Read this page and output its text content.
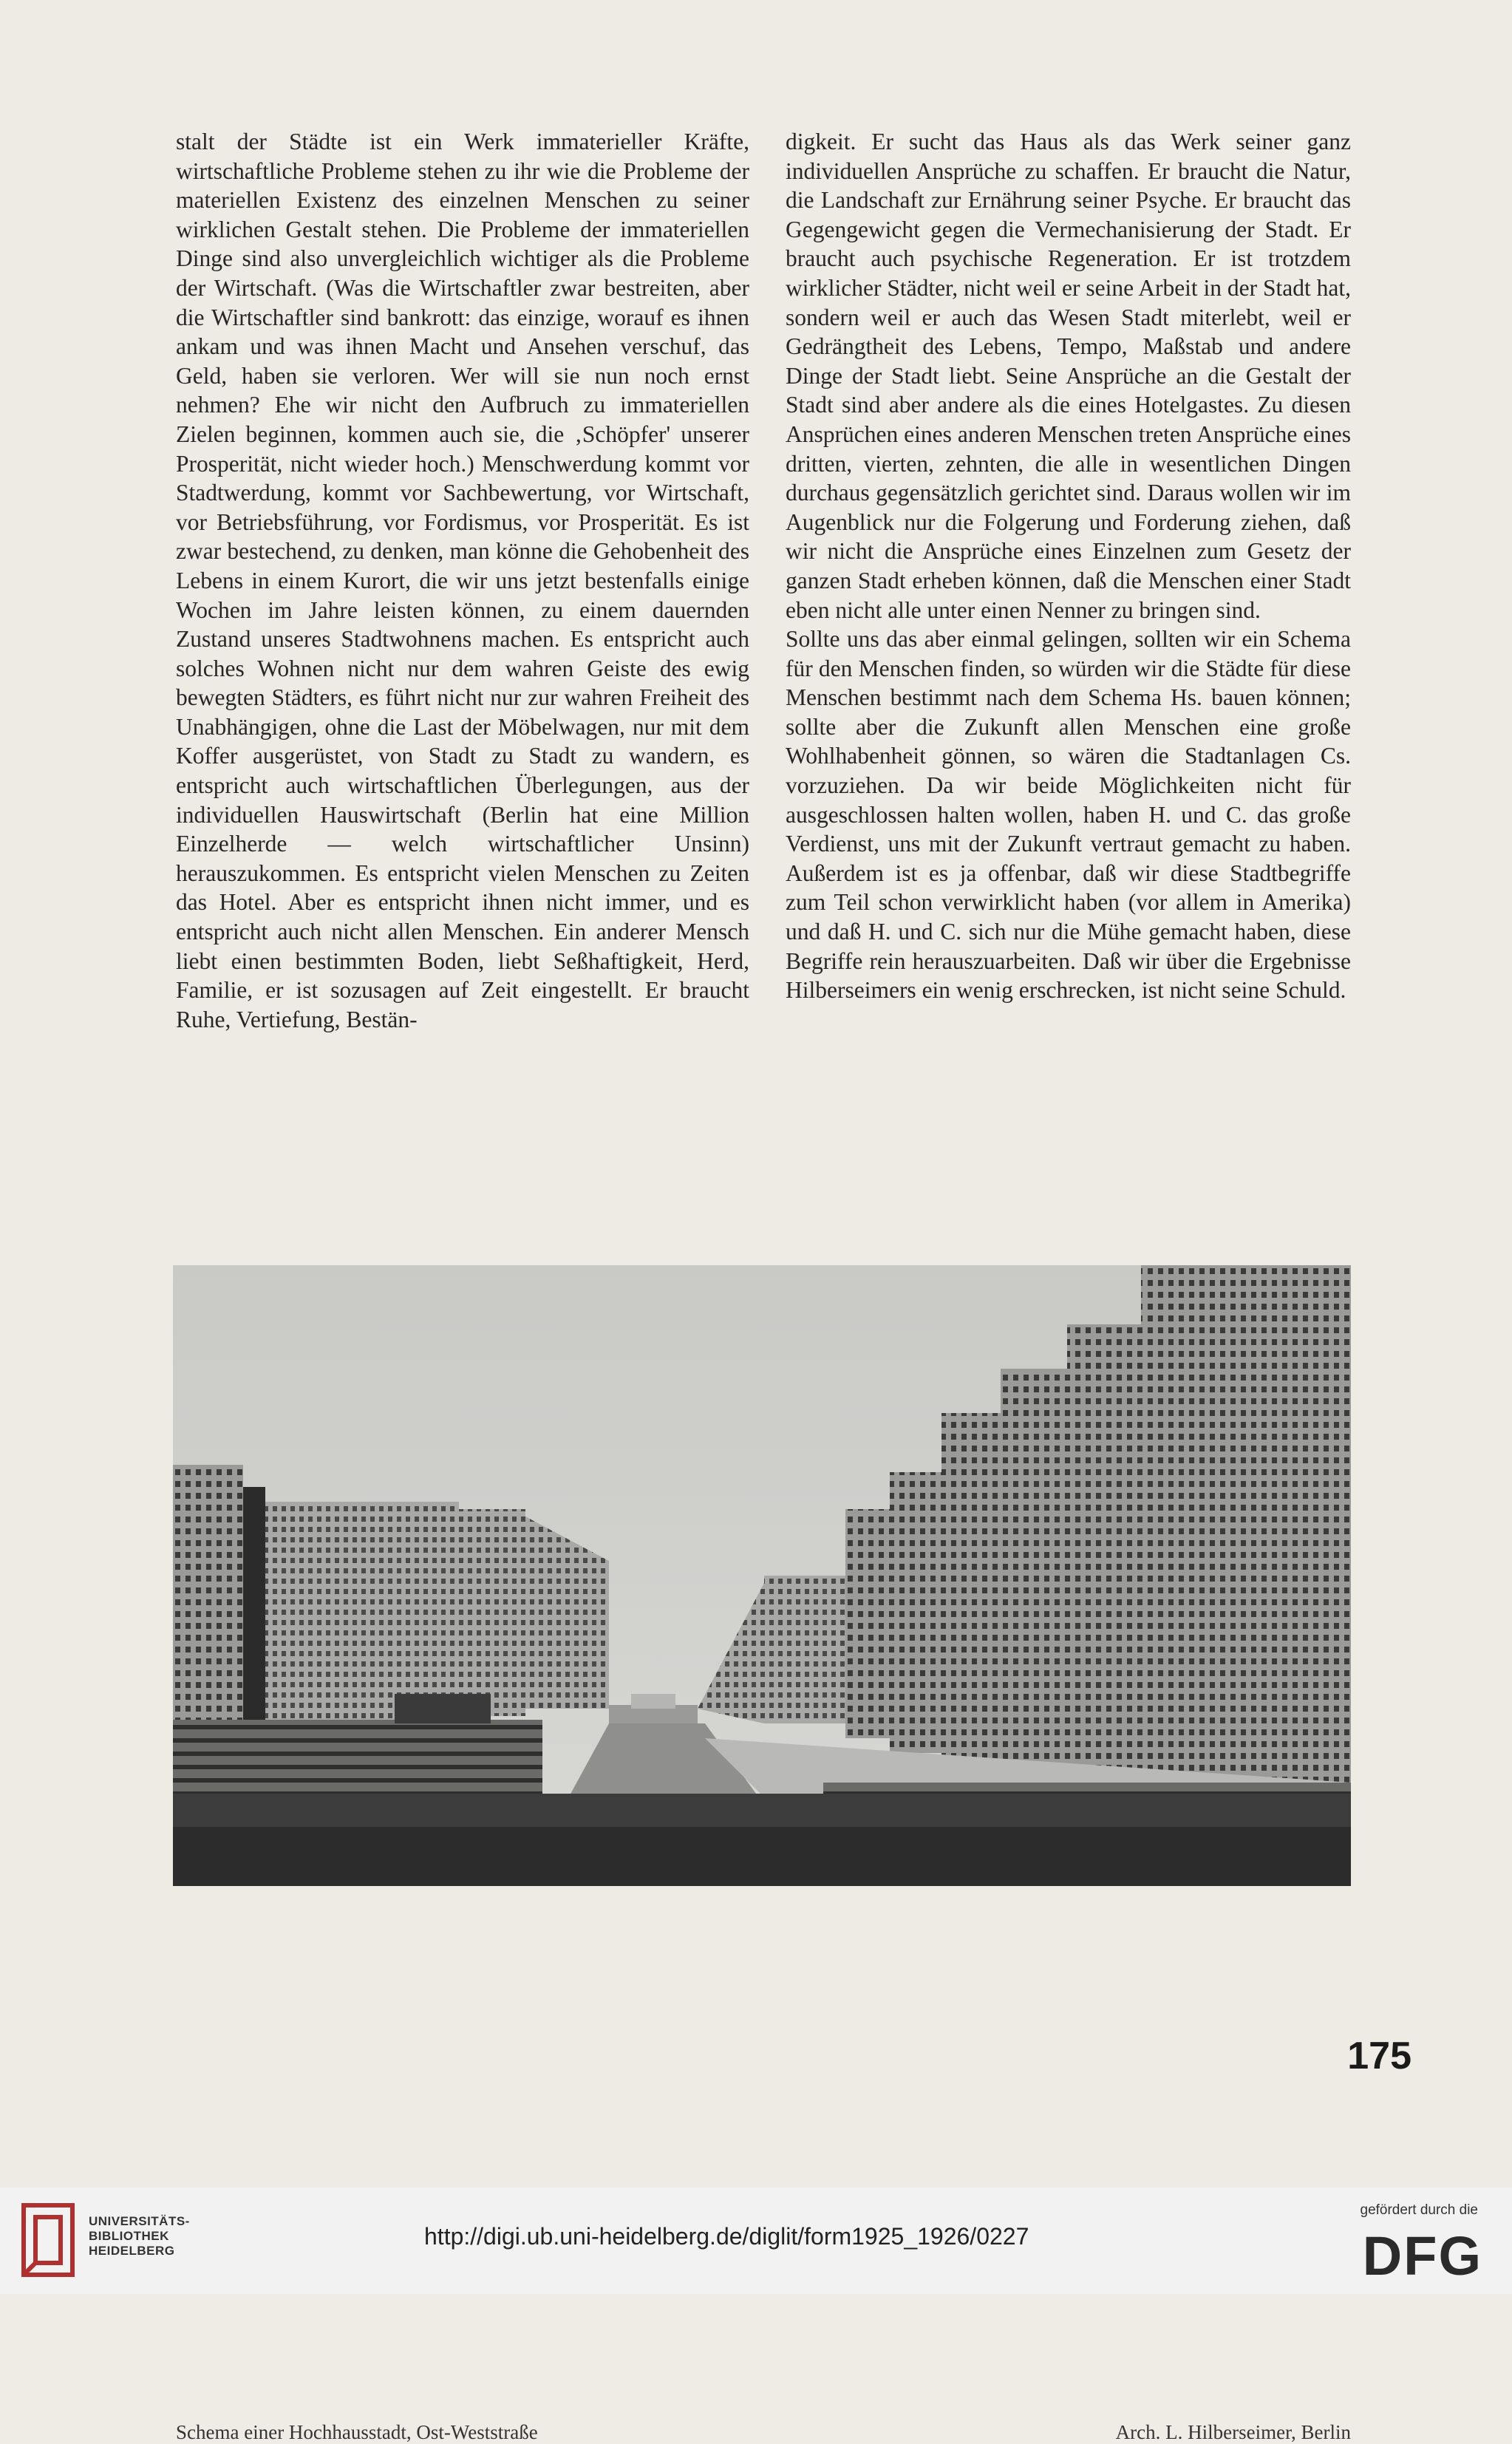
stalt der Städte ist ein Werk immaterieller Kräfte, wirtschaftliche Probleme stehen zu ihr wie die Probleme der materiellen Existenz des einzelnen Menschen zu seiner wirklichen Gestalt stehen. Die Probleme der immateriellen Dinge sind also unvergleichlich wichtiger als die Probleme der Wirtschaft. (Was die Wirtschaftler zwar bestreiten, aber die Wirtschaftler sind bankrott: das einzige, worauf es ihnen ankam und was ihnen Macht und Ansehen verschuf, das Geld, haben sie verloren. Wer will sie nun noch ernst nehmen? Ehe wir nicht den Aufbruch zu immateriellen Zielen beginnen, kommen auch sie, die ‚Schöpfer' unserer Prosperität, nicht wieder hoch.) Menschwerdung kommt vor Stadtwerdung, kommt vor Sachbewertung, vor Wirtschaft, vor Betriebsführung, vor Fordismus, vor Prosperität. Es ist zwar bestechend, zu denken, man könne die Gehobenheit des Lebens in einem Kurort, die wir uns jetzt bestenfalls einige Wochen im Jahre leisten können, zu einem dauernden Zustand unseres Stadtwohnens machen. Es entspricht auch solches Wohnen nicht nur dem wahren Geiste des ewig bewegten Städters, es führt nicht nur zur wahren Freiheit des Unabhängigen, ohne die Last der Möbelwagen, nur mit dem Koffer ausgerüstet, von Stadt zu Stadt zu wandern, es entspricht auch wirtschaftlichen Überlegungen, aus der individuellen Hauswirtschaft (Berlin hat eine Million Einzelherde — welch wirtschaftlicher Unsinn) herauszukommen. Es entspricht vielen Menschen zu Zeiten das Hotel. Aber es entspricht ihnen nicht immer, und es entspricht auch nicht allen Menschen. Ein anderer Mensch liebt einen bestimmten Boden, liebt Seßhaftigkeit, Herd, Familie, er ist sozusagen auf Zeit eingestellt. Er braucht Ruhe, Vertiefung, Bestän-

digkeit. Er sucht das Haus als das Werk seiner ganz individuellen Ansprüche zu schaffen. Er braucht die Natur, die Landschaft zur Ernährung seiner Psyche. Er braucht das Gegengewicht gegen die Vermechanisierung der Stadt. Er braucht auch psychische Regeneration. Er ist trotzdem wirklicher Städter, nicht weil er seine Arbeit in der Stadt hat, sondern weil er auch das Wesen Stadt miterlebt, weil er Gedrängtheit des Lebens, Tempo, Maßstab und andere Dinge der Stadt liebt. Seine Ansprüche an die Gestalt der Stadt sind aber andere als die eines Hotelgastes. Zu diesen Ansprüchen eines anderen Menschen treten Ansprüche eines dritten, vierten, zehnten, die alle in wesentlichen Dingen durchaus gegensätzlich gerichtet sind. Daraus wollen wir im Augenblick nur die Folgerung und Forderung ziehen, daß wir nicht die Ansprüche eines Einzelnen zum Gesetz der ganzen Stadt erheben können, daß die Menschen einer Stadt eben nicht alle unter einen Nenner zu bringen sind.

Sollte uns das aber einmal gelingen, sollten wir ein Schema für den Menschen finden, so würden wir die Städte für diese Menschen bestimmt nach dem Schema Hs. bauen können; sollte aber die Zukunft allen Menschen eine große Wohlhabenheit gönnen, so wären die Stadtanlagen Cs. vorzuziehen. Da wir beide Möglichkeiten nicht für ausgeschlossen halten wollen, haben H. und C. das große Verdienst, uns mit der Zukunft vertraut gemacht zu haben. Außerdem ist es ja offenbar, daß wir diese Stadtbegriffe zum Teil schon verwirklicht haben (vor allem in Amerika) und daß H. und C. sich nur die Mühe gemacht haben, diese Begriffe rein herauszuarbeiten. Daß wir über die Ergebnisse Hilberseimers ein wenig erschrecken, ist nicht seine Schuld.

Schema einer Hochhausstadt, Ost-Weststraße	Arch. L. Hilberseimer, Berlin
175
UNIVERSITÄTS-
BIBLIOTHEK
HEIDELBERG
http://digi.ub.uni-heidelberg.de/diglit/form1925_1926/0227
gefördert durch die
DFG
